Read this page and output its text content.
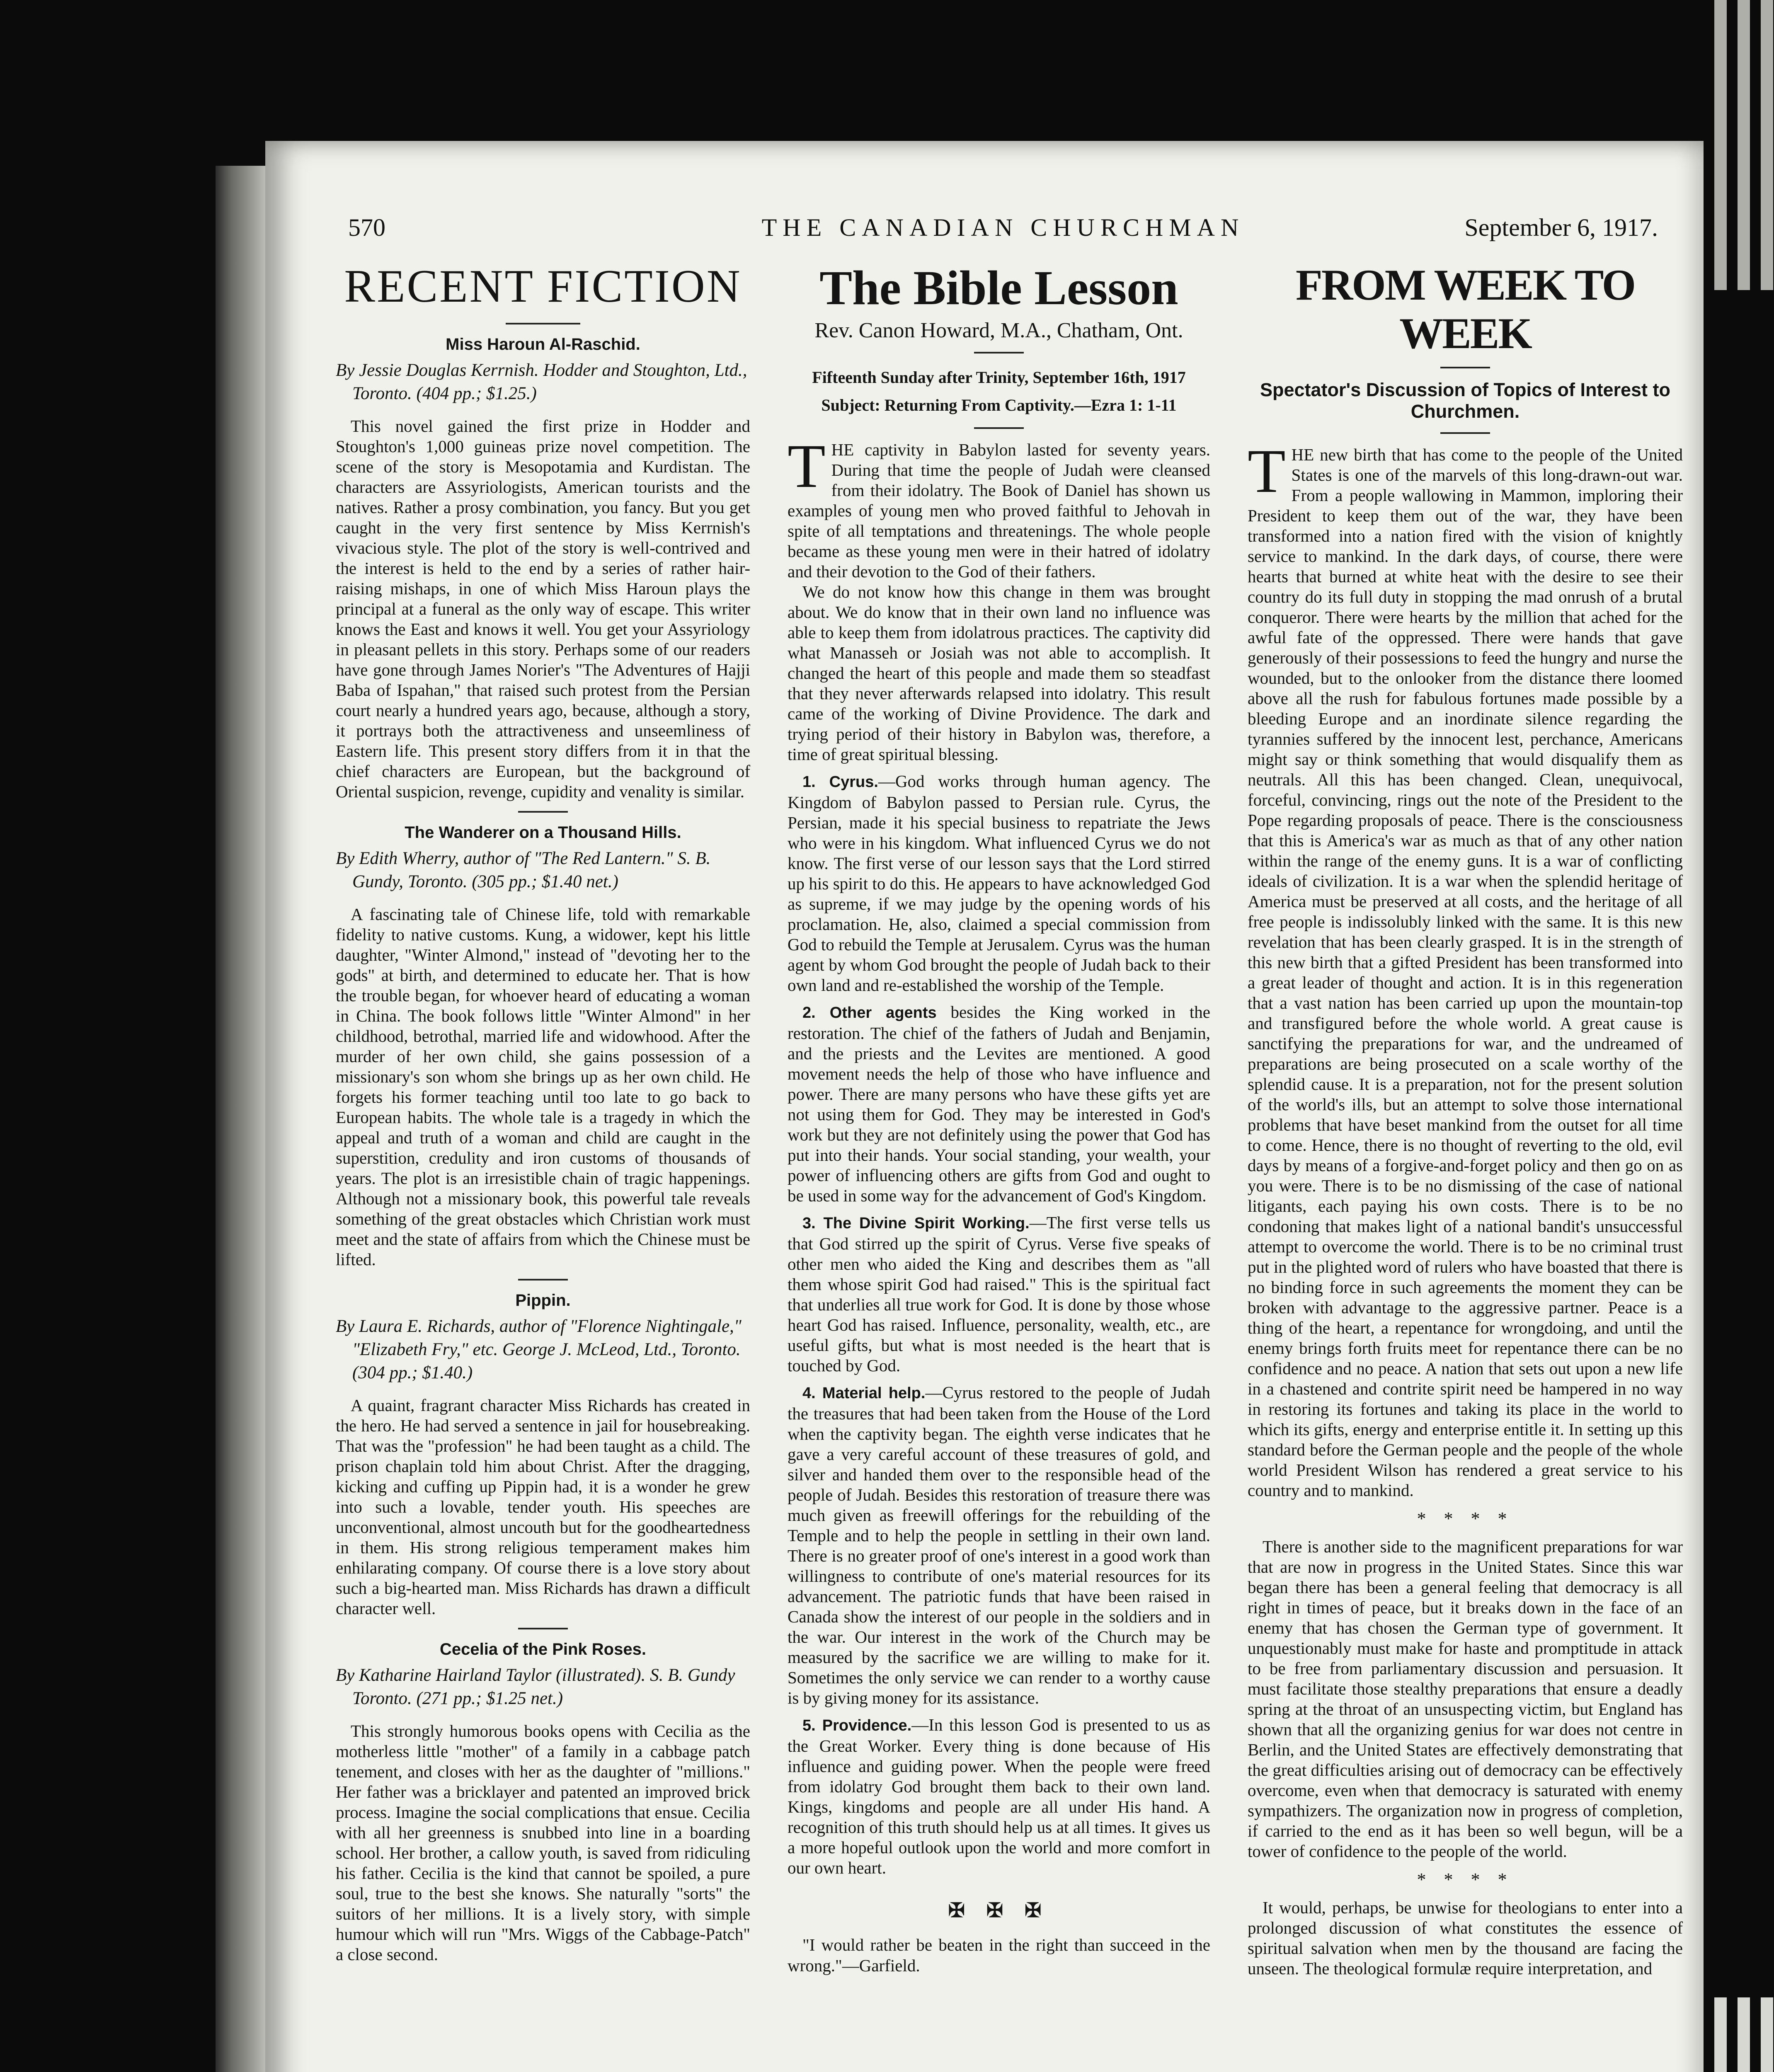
570	THE CANADIAN CHURCHMAN	September 6, 1917.
RECENT FICTION
Miss Haroun Al-Raschid.
By Jessie Douglas Kerrnish. Hodder and Stoughton, Ltd., Toronto. (404 pp.; $1.25.)

This novel gained the first prize in Hodder and Stoughton's 1,000 guineas prize novel competition. The scene of the story is Mesopotamia and Kurdistan. The characters are Assyriologists, American tourists and the natives. Rather a prosy combination, you fancy. But you get caught in the very first sentence by Miss Kerrnish's vivacious style. The plot of the story is well-contrived and the interest is held to the end by a series of rather hair-raising mishaps, in one of which Miss Haroun plays the principal at a funeral as the only way of escape. This writer knows the East and knows it well. You get your Assyriology in pleasant pellets in this story. Perhaps some of our readers have gone through James Norier's "The Adventures of Hajji Baba of Ispahan," that raised such protest from the Persian court nearly a hundred years ago, because, although a story, it portrays both the attractiveness and unseemliness of Eastern life. This present story differs from it in that the chief characters are European, but the background of Oriental suspicion, revenge, cupidity and venality is similar.

The Wanderer on a Thousand Hills.
By Edith Wherry, author of "The Red Lantern." S. B. Gundy, Toronto. (305 pp.; $1.40 net.)

A fascinating tale of Chinese life, told with remarkable fidelity to native customs. Kung, a widower, kept his little daughter, "Winter Almond," instead of "devoting her to the gods" at birth, and determined to educate her. That is how the trouble began, for whoever heard of educating a woman in China. The book follows little "Winter Almond" in her childhood, betrothal, married life and widowhood. After the murder of her own child, she gains possession of a missionary's son whom she brings up as her own child. He forgets his former teaching until too late to go back to European habits. The whole tale is a tragedy in which the appeal and truth of a woman and child are caught in the superstition, credulity and iron customs of thousands of years. The plot is an irresistible chain of tragic happenings. Although not a missionary book, this powerful tale reveals something of the great obstacles which Christian work must meet and the state of affairs from which the Chinese must be lifted.

Pippin.
By Laura E. Richards, author of "Florence Nightingale," "Elizabeth Fry," etc. George J. McLeod, Ltd., Toronto. (304 pp.; $1.40.)

A quaint, fragrant character Miss Richards has created in the hero. He had served a sentence in jail for housebreaking. That was the "profession" he had been taught as a child. The prison chaplain told him about Christ. After the dragging, kicking and cuffing up Pippin had, it is a wonder he grew into such a lovable, tender youth. His speeches are unconventional, almost uncouth but for the goodheartedness in them. His strong religious temperament makes him enhilarating company. Of course there is a love story about such a big-hearted man. Miss Richards has drawn a difficult character well.

Cecelia of the Pink Roses.
By Katharine Hairland Taylor (illustrated). S. B. Gundy Toronto. (271 pp.; $1.25 net.)

This strongly humorous books opens with Cecilia as the motherless little "mother" of a family in a cabbage patch tenement, and closes with her as the daughter of "millions." Her father was a bricklayer and patented an improved brick process. Imagine the social complications that ensue. Cecilia with all her greenness is snubbed into line in a boarding school. Her brother, a callow youth, is saved from ridiculing his father. Cecilia is the kind that cannot be spoiled, a pure soul, true to the best she knows. She naturally "sorts" the suitors of her millions. It is a lively story, with simple humour which will run "Mrs. Wiggs of the Cabbage-Patch" a close second.

The Bible Lesson
Rev. Canon Howard, M.A., Chatham, Ont.
Fifteenth Sunday after Trinity, September 16th, 1917
Subject: Returning From Captivity.—Ezra 1: 1-11

THE captivity in Babylon lasted for seventy years. During that time the people of Judah were cleansed from their idolatry. The Book of Daniel has shown us examples of young men who proved faithful to Jehovah in spite of all temptations and threatenings. The whole people became as these young men were in their hatred of idolatry and their devotion to the God of their fathers.

We do not know how this change in them was brought about. We do know that in their own land no influence was able to keep them from idolatrous practices. The captivity did what Manasseh or Josiah was not able to accomplish. It changed the heart of this people and made them so steadfast that they never afterwards relapsed into idolatry. This result came of the working of Divine Providence. The dark and trying period of their history in Babylon was, therefore, a time of great spiritual blessing.

1. Cyrus.—God works through human agency. The Kingdom of Babylon passed to Persian rule. Cyrus, the Persian, made it his special business to repatriate the Jews who were in his kingdom. What influenced Cyrus we do not know. The first verse of our lesson says that the Lord stirred up his spirit to do this. He appears to have acknowledged God as supreme, if we may judge by the opening words of his proclamation. He, also, claimed a special commission from God to rebuild the Temple at Jerusalem. Cyrus was the human agent by whom God brought the people of Judah back to their own land and re-established the worship of the Temple.

2. Other agents besides the King worked in the restoration. The chief of the fathers of Judah and Benjamin, and the priests and the Levites are mentioned. A good movement needs the help of those who have influence and power. There are many persons who have these gifts yet are not using them for God. They may be interested in God's work but they are not definitely using the power that God has put into their hands. Your social standing, your wealth, your power of influencing others are gifts from God and ought to be used in some way for the advancement of God's Kingdom.

3. The Divine Spirit Working.—The first verse tells us that God stirred up the spirit of Cyrus. Verse five speaks of other men who aided the King and describes them as "all them whose spirit God had raised." This is the spiritual fact that underlies all true work for God. It is done by those whose heart God has raised. Influence, personality, wealth, etc., are useful gifts, but what is most needed is the heart that is touched by God.

4. Material help.—Cyrus restored to the people of Judah the treasures that had been taken from the House of the Lord when the captivity began. The eighth verse indicates that he gave a very careful account of these treasures of gold, and silver and handed them over to the responsible head of the people of Judah. Besides this restoration of treasure there was much given as freewill offerings for the rebuilding of the Temple and to help the people in settling in their own land. There is no greater proof of one's interest in a good work than willingness to contribute of one's material resources for its advancement. The patriotic funds that have been raised in Canada show the interest of our people in the soldiers and in the war. Our interest in the work of the Church may be measured by the sacrifice we are willing to make for it. Sometimes the only service we can render to a worthy cause is by giving money for its assistance.

5. Providence.—In this lesson God is presented to us as the Great Worker. Every thing is done because of His influence and guiding power. When the people were freed from idolatry God brought them back to their own land. Kings, kingdoms and people are all under His hand. A recognition of this truth should help us at all times. It gives us a more hopeful outlook upon the world and more comfort in our own heart.

✠ ✠ ✠

"I would rather be beaten in the right than succeed in the wrong."—Garfield.

FROM WEEK TO WEEK
Spectator's Discussion of Topics of Interest to Churchmen.

THE new birth that has come to the people of the United States is one of the marvels of this long-drawn-out war. From a people wallowing in Mammon, imploring their President to keep them out of the war, they have been transformed into a nation fired with the vision of knightly service to mankind. In the dark days, of course, there were hearts that burned at white heat with the desire to see their country do its full duty in stopping the mad onrush of a brutal conqueror. There were hearts by the million that ached for the awful fate of the oppressed. There were hands that gave generously of their possessions to feed the hungry and nurse the wounded, but to the onlooker from the distance there loomed above all the rush for fabulous fortunes made possible by a bleeding Europe and an inordinate silence regarding the tyrannies suffered by the innocent lest, perchance, Americans might say or think something that would disqualify them as neutrals. All this has been changed. Clean, unequivocal, forceful, convincing, rings out the note of the President to the Pope regarding proposals of peace. There is the consciousness that this is America's war as much as that of any other nation within the range of the enemy guns. It is a war of conflicting ideals of civilization. It is a war when the splendid heritage of America must be preserved at all costs, and the heritage of all free people is indissolubly linked with the same. It is this new revelation that has been clearly grasped. It is in the strength of this new birth that a gifted President has been transformed into a great leader of thought and action. It is in this regeneration that a vast nation has been carried up upon the mountain-top and transfigured before the whole world. A great cause is sanctifying the preparations for war, and the undreamed of preparations are being prosecuted on a scale worthy of the splendid cause. It is a preparation, not for the present solution of the world's ills, but an attempt to solve those international problems that have beset mankind from the outset for all time to come. Hence, there is no thought of reverting to the old, evil days by means of a forgive-and-forget policy and then go on as you were. There is to be no dismissing of the case of national litigants, each paying his own costs. There is to be no condoning that makes light of a national bandit's unsuccessful attempt to overcome the world. There is to be no criminal trust put in the plighted word of rulers who have boasted that there is no binding force in such agreements the moment they can be broken with advantage to the aggressive partner. Peace is a thing of the heart, a repentance for wrongdoing, and until the enemy brings forth fruits meet for repentance there can be no confidence and no peace. A nation that sets out upon a new life in a chastened and contrite spirit need be hampered in no way in restoring its fortunes and taking its place in the world to which its gifts, energy and enterprise entitle it. In setting up this standard before the German people and the people of the whole world President Wilson has rendered a great service to his country and to mankind.

* * * *

There is another side to the magnificent preparations for war that are now in progress in the United States. Since this war began there has been a general feeling that democracy is all right in times of peace, but it breaks down in the face of an enemy that has chosen the German type of government. It unquestionably must make for haste and promptitude in attack to be free from parliamentary discussion and persuasion. It must facilitate those stealthy preparations that ensure a deadly spring at the throat of an unsuspecting victim, but England has shown that all the organizing genius for war does not centre in Berlin, and the United States are effectively demonstrating that the great difficulties arising out of democracy can be effectively overcome, even when that democracy is saturated with enemy sympathizers. The organization now in progress of completion, if carried to the end as it has been so well begun, will be a tower of confidence to the people of the world.

* * * *

It would, perhaps, be unwise for theologians to enter into a prolonged discussion of what constitutes the essence of spiritual salvation when men by the thousand are facing the unseen. The theological formulæ require interpretation, and
